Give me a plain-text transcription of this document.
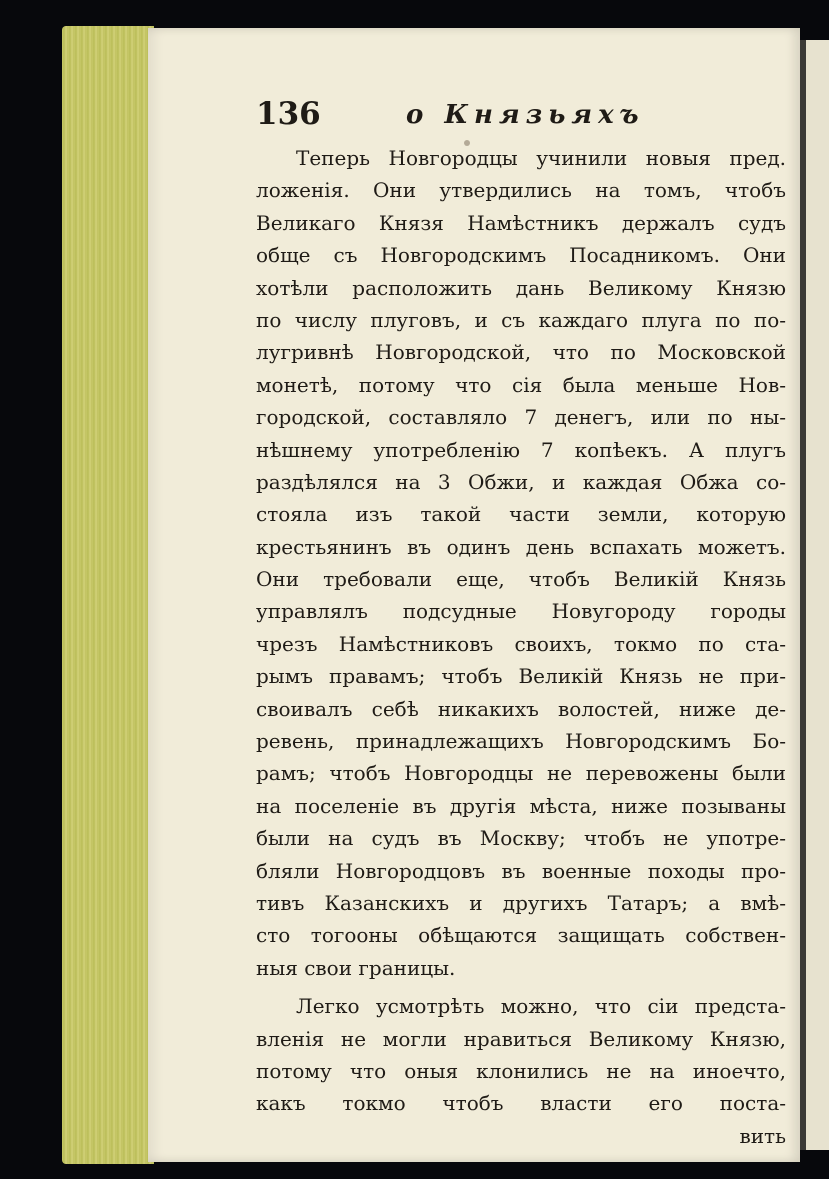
136	о Князьяхъ
Теперь Новгородцы учинили новыя пред.
ложенія. Они утвердились на томъ, чтобъ
Великаго Князя Намѣстникъ держалъ судъ
обще съ Новгородскимъ Посадникомъ. Они
хотѣли расположить дань Великому Князю
по числу плуговъ, и съ каждаго плуга по по-
лугривнѣ Новгородской, что по Московской
монетѣ, потому что сія была меньше Нов-
городской, составляло 7 денегъ, или по ны-
нѣшнему употребленію 7 копѣекъ. А плугъ
раздѣлялся на 3 Обжи, и каждая Обжа со-
стояла изъ такой части земли, которую
крестьянинъ въ одинъ день вспахать можетъ.
Они требовали еще, чтобъ Великій Князь
управлялъ подсудные Новугороду городы
чрезъ Намѣстниковъ своихъ, токмо по ста-
рымъ правамъ; чтобъ Великій Князь не при-
своивалъ себѣ никакихъ волостей, ниже де-
ревень, принадлежащихъ Новгородскимъ Бо-
рамъ; чтобъ Новгородцы не перевожены были
на поселеніе въ другія мѣста, ниже позываны
были на судъ въ Москву; чтобъ не употре-
бляли Новгородцовъ въ военные походы про-
тивъ Казанскихъ и другихъ Татаръ; а вмѣ-
сто тогооны обѣщаются защищать собствен-
ныя свои границы.
Легко усмотрѣть можно, что сіи предста-
вленія не могли нравиться Великому Князю,
потому что оныя клонились не на иноечто,
какъ токмо чтобъ власти его поста-
вить
